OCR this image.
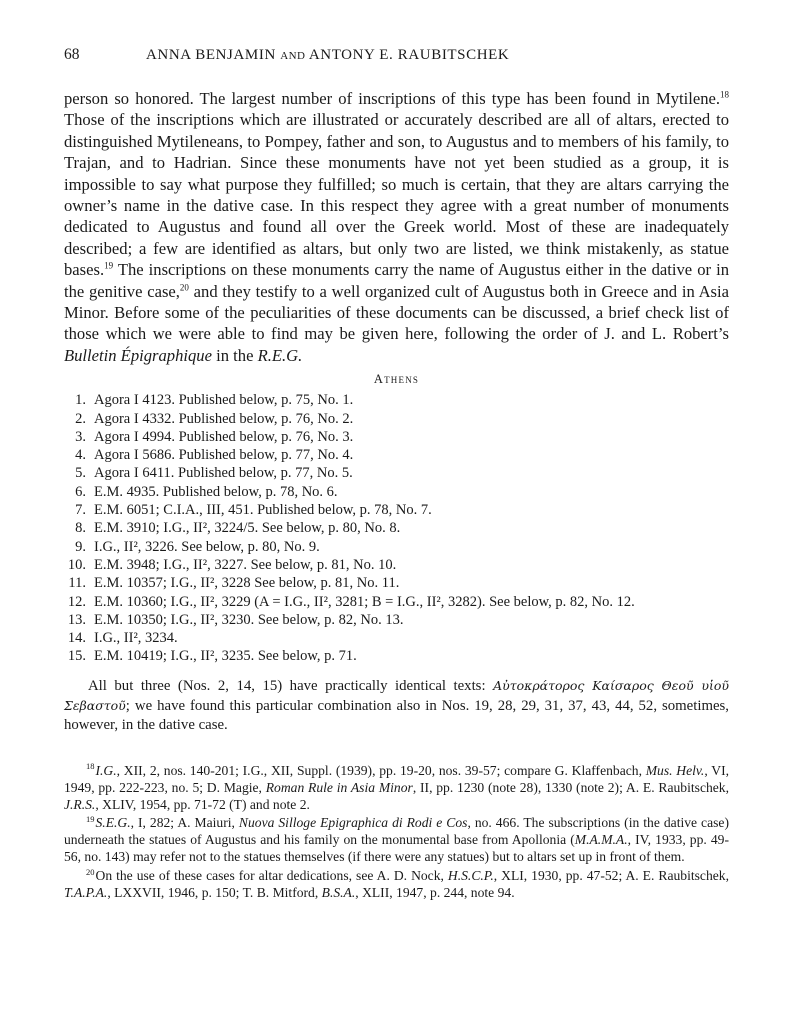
68	ANNA BENJAMIN AND ANTONY E. RAUBITSCHEK

person so honored. The largest number of inscriptions of this type has been found in Mytilene.$^{18}$ Those of the inscriptions which are illustrated or accurately described are all of altars, erected to distinguished Mytileneans, to Pompey, father and son, to Augustus and to members of his family, to Trajan, and to Hadrian. Since these monuments have not yet been studied as a group, it is impossible to say what purpose they fulfilled; so much is certain, that they are altars carrying the owner’s name in the dative case. In this respect they agree with a great number of monuments dedicated to Augustus and found all over the Greek world. Most of these are inadequately described; a few are identified as altars, but only two are listed, we think mistakenly, as statue bases.$^{19}$ The inscriptions on these monuments carry the name of Augustus either in the dative or in the genitive case,$^{20}$ and they testify to a well organized cult of Augustus both in Greece and in Asia Minor. Before some of the peculiarities of these documents can be discussed, a brief check list of those which we were able to find may be given here, following the order of J. and L. Robert’s Bulletin Épigraphique in the R.E.G.

Athens
1. Agora I 4123. Published below, p. 75, No. 1.
2. Agora I 4332. Published below, p. 76, No. 2.
3. Agora I 4994. Published below, p. 76, No. 3.
4. Agora I 5686. Published below, p. 77, No. 4.
5. Agora I 6411. Published below, p. 77, No. 5.
6. E.M. 4935. Published below, p. 78, No. 6.
7. E.M. 6051; C.I.A., III, 451. Published below, p. 78, No. 7.
8. E.M. 3910; I.G., II², 3224/5. See below, p. 80, No. 8.
9. I.G., II², 3226. See below, p. 80, No. 9.
10. E.M. 3948; I.G., II², 3227. See below, p. 81, No. 10.
11. E.M. 10357; I.G., II², 3228 See below, p. 81, No. 11.
12. E.M. 10360; I.G., II², 3229 (A = I.G., II², 3281; B = I.G., II², 3282). See below, p. 82, No. 12.
13. E.M. 10350; I.G., II², 3230. See below, p. 82, No. 13.
14. I.G., II², 3234.
15. E.M. 10419; I.G., II², 3235. See below, p. 71.

All but three (Nos. 2, 14, 15) have practically identical texts: Αὐτοκράτορος Καίσαρος Θεοῦ υἱοῦ Σεβαστοῦ; we have found this particular combination also in Nos. 19, 28, 29, 31, 37, 43, 44, 52, sometimes, however, in the dative case.

$^{18}$I.G., XII, 2, nos. 140-201; I.G., XII, Suppl. (1939), pp. 19-20, nos. 39-57; compare G. Klaffenbach, Mus. Helv., VI, 1949, pp. 222-223, no. 5; D. Magie, Roman Rule in Asia Minor, II, pp. 1230 (note 28), 1330 (note 2); A. E. Raubitschek, J.R.S., XLIV, 1954, pp. 71-72 (T) and note 2.

$^{19}$S.E.G., I, 282; A. Maiuri, Nuova Silloge Epigraphica di Rodi e Cos, no. 466. The subscriptions (in the dative case) underneath the statues of Augustus and his family on the monumental base from Apollonia (M.A.M.A., IV, 1933, pp. 49-56, no. 143) may refer not to the statues themselves (if there were any statues) but to altars set up in front of them.

$^{20}$On the use of these cases for altar dedications, see A. D. Nock, H.S.C.P., XLI, 1930, pp. 47-52; A. E. Raubitschek, T.A.P.A., LXXVII, 1946, p. 150; T. B. Mitford, B.S.A., XLII, 1947, p. 244, note 94.
